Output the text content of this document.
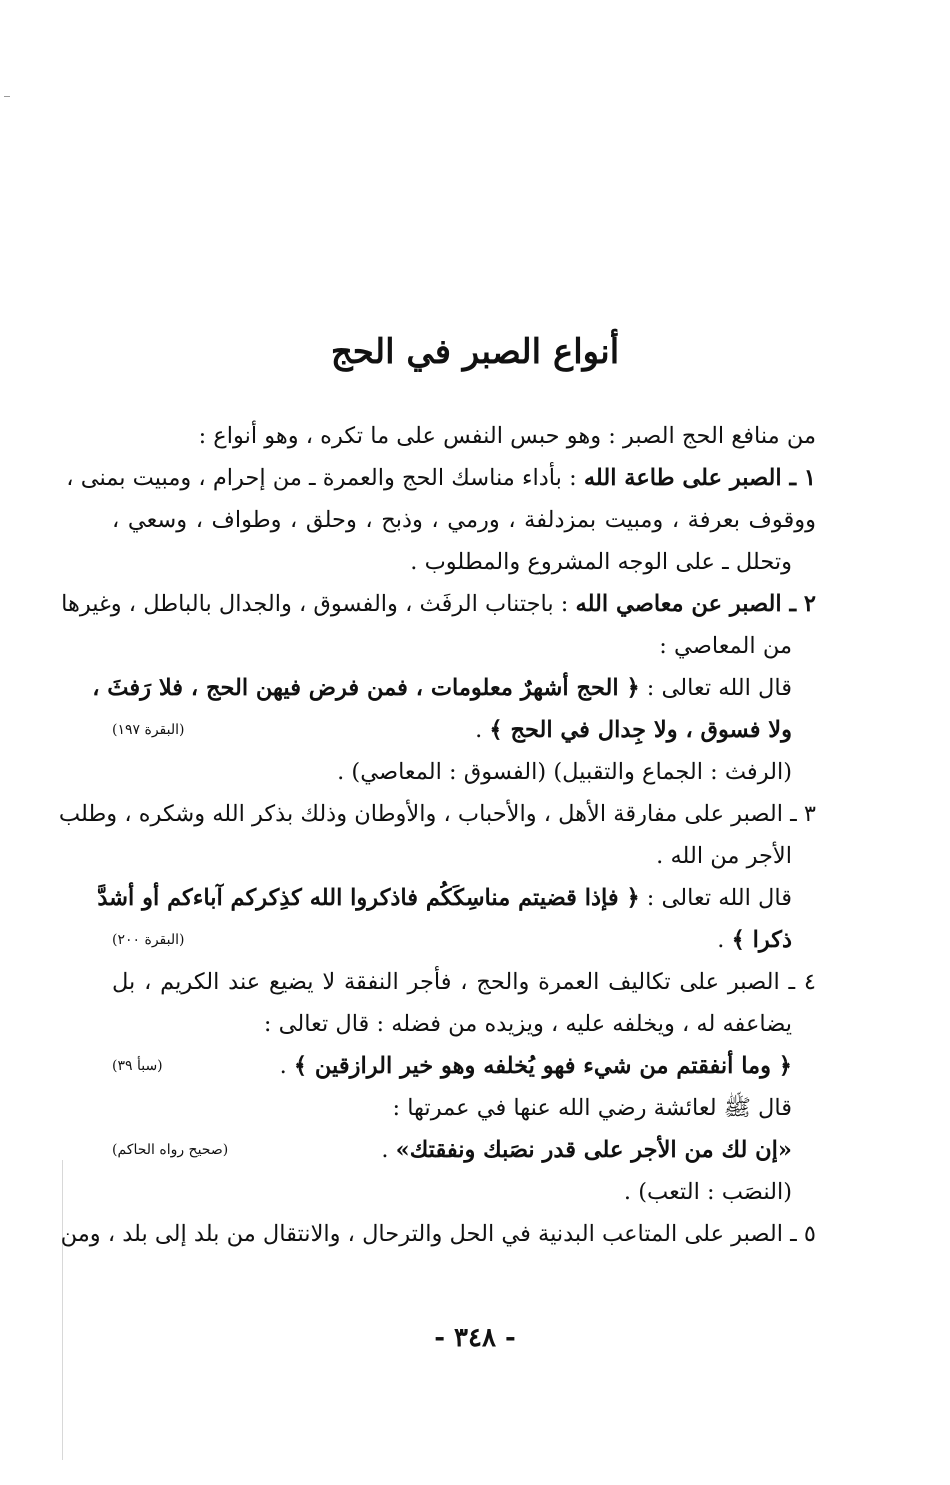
أنواع الصبر في الحج
من منافع الحج الصبر : وهو حبس النفس على ما تكره ، وهو أنواع :
١ ـ الصبر على طاعة الله : بأداء مناسك الحج والعمرة ـ من إحرام ، ومبيت بمنى ،
ووقوف بعرفة ، ومبيت بمزدلفة ، ورمي ، وذبح ، وحلق ، وطواف ، وسعي ،
وتحلل ـ على الوجه المشروع والمطلوب .
٢ ـ الصبر عن معاصي الله : باجتناب الرفَث ، والفسوق ، والجدال بالباطل ، وغيرها
من المعاصي :
قال الله تعالى : ﴿ الحج أشهرٌ معلومات ، فمن فرض فيهن الحج ، فلا رَفثَ ،
ولا فسوق ، ولا جِدال في الحج ﴾ .
(البقرة ١٩٧)
(الرفث : الجماع والتقبيل) (الفسوق : المعاصي) .
٣ ـ الصبر على مفارقة الأهل ، والأحباب ، والأوطان وذلك بذكر الله وشكره ، وطلب
الأجر من الله .
قال الله تعالى : ﴿ فإذا قضيتم مناسِكَكُم فاذكروا الله كذِكركم آباءكم أو أشدَّ
ذكرا ﴾ .
(البقرة ٢٠٠)
٤ ـ الصبر على تكاليف العمرة والحج ، فأجر النفقة لا يضيع عند الكريم ، بل
يضاعفه له ، ويخلفه عليه ، ويزيده من فضله : قال تعالى :
﴿ وما أنفقتم من شيء فهو يُخلفه وهو خير الرازقين ﴾ .
(سبأ ٣٩)
قال ﷺ لعائشة رضي الله عنها في عمرتها :
«إن لك من الأجر على قدر نصَبك ونفقتك» .
(صحيح رواه الحاكم)
(النصَب : التعب) .
٥ ـ الصبر على المتاعب البدنية في الحل والترحال ، والانتقال من بلد إلى بلد ، ومن
- ٣٤٨ -
